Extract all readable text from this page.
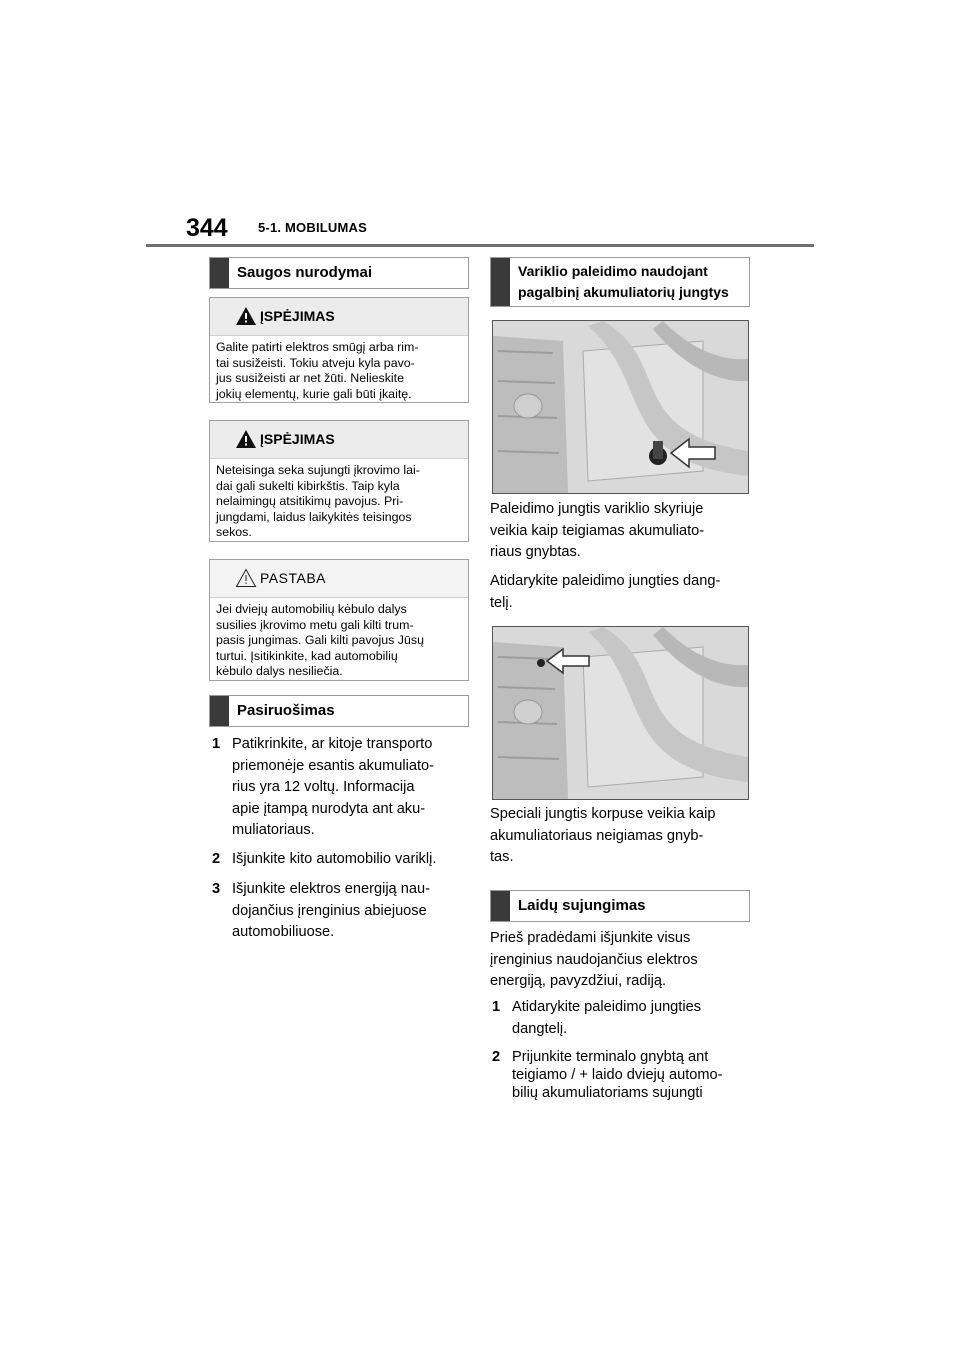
344 5-1. MOBILUMAS
Saugos nurodymai
ĮSPĖJIMAS
Galite patirti elektros smūgį arba rim-
tai susižeisti. Tokiu atveju kyla pavo-
jus susižeisti ar net žūti. Nelieskite
jokių elementų, kurie gali būti įkaitę.
ĮSPĖJIMAS
Neteisinga seka sujungti įkrovimo lai-
dai gali sukelti kibirkštis. Taip kyla
nelaimingų atsitikimų pavojus. Pri-
jungdami, laidus laikykitės teisingos
sekos.
PASTABA
Jei dviejų automobilių kėbulo dalys
susilies įkrovimo metu gali kilti trum-
pasis jungimas. Gali kilti pavojus Jūsų
turtui. Įsitikinkite, kad automobilių
kėbulo dalys nesiliečia.
Pasiruošimas
1 Patikrinkite, ar kitoje transporto
priemonėje esantis akumuliato-
rius yra 12 voltų. Informacija
apie įtampą nurodyta ant aku-
muliatoriaus.
2 Išjunkite kito automobilio variklį.
3 Išjunkite elektros energiją nau-
dojančius įrenginius abiejuose
automobiliuose.
Variklio paleidimo naudojant
pagalbinį akumuliatorių jungtys
Paleidimo jungtis variklio skyriuje
veikia kaip teigiamas akumuliato-
riaus gnybtas.
Atidarykite paleidimo jungties dang-
telį.
Speciali jungtis korpuse veikia kaip
akumuliatoriaus neigiamas gnyb-
tas.
Laidų sujungimas
Prieš pradėdami išjunkite visus
įrenginius naudojančius elektros
energiją, pavyzdžiui, radiją.
1 Atidarykite paleidimo jungties
dangtelį.
2 Prijunkite terminalo gnybtą ant
teigiamo / + laido dviejų automo-
bilių akumuliatoriams sujungti
